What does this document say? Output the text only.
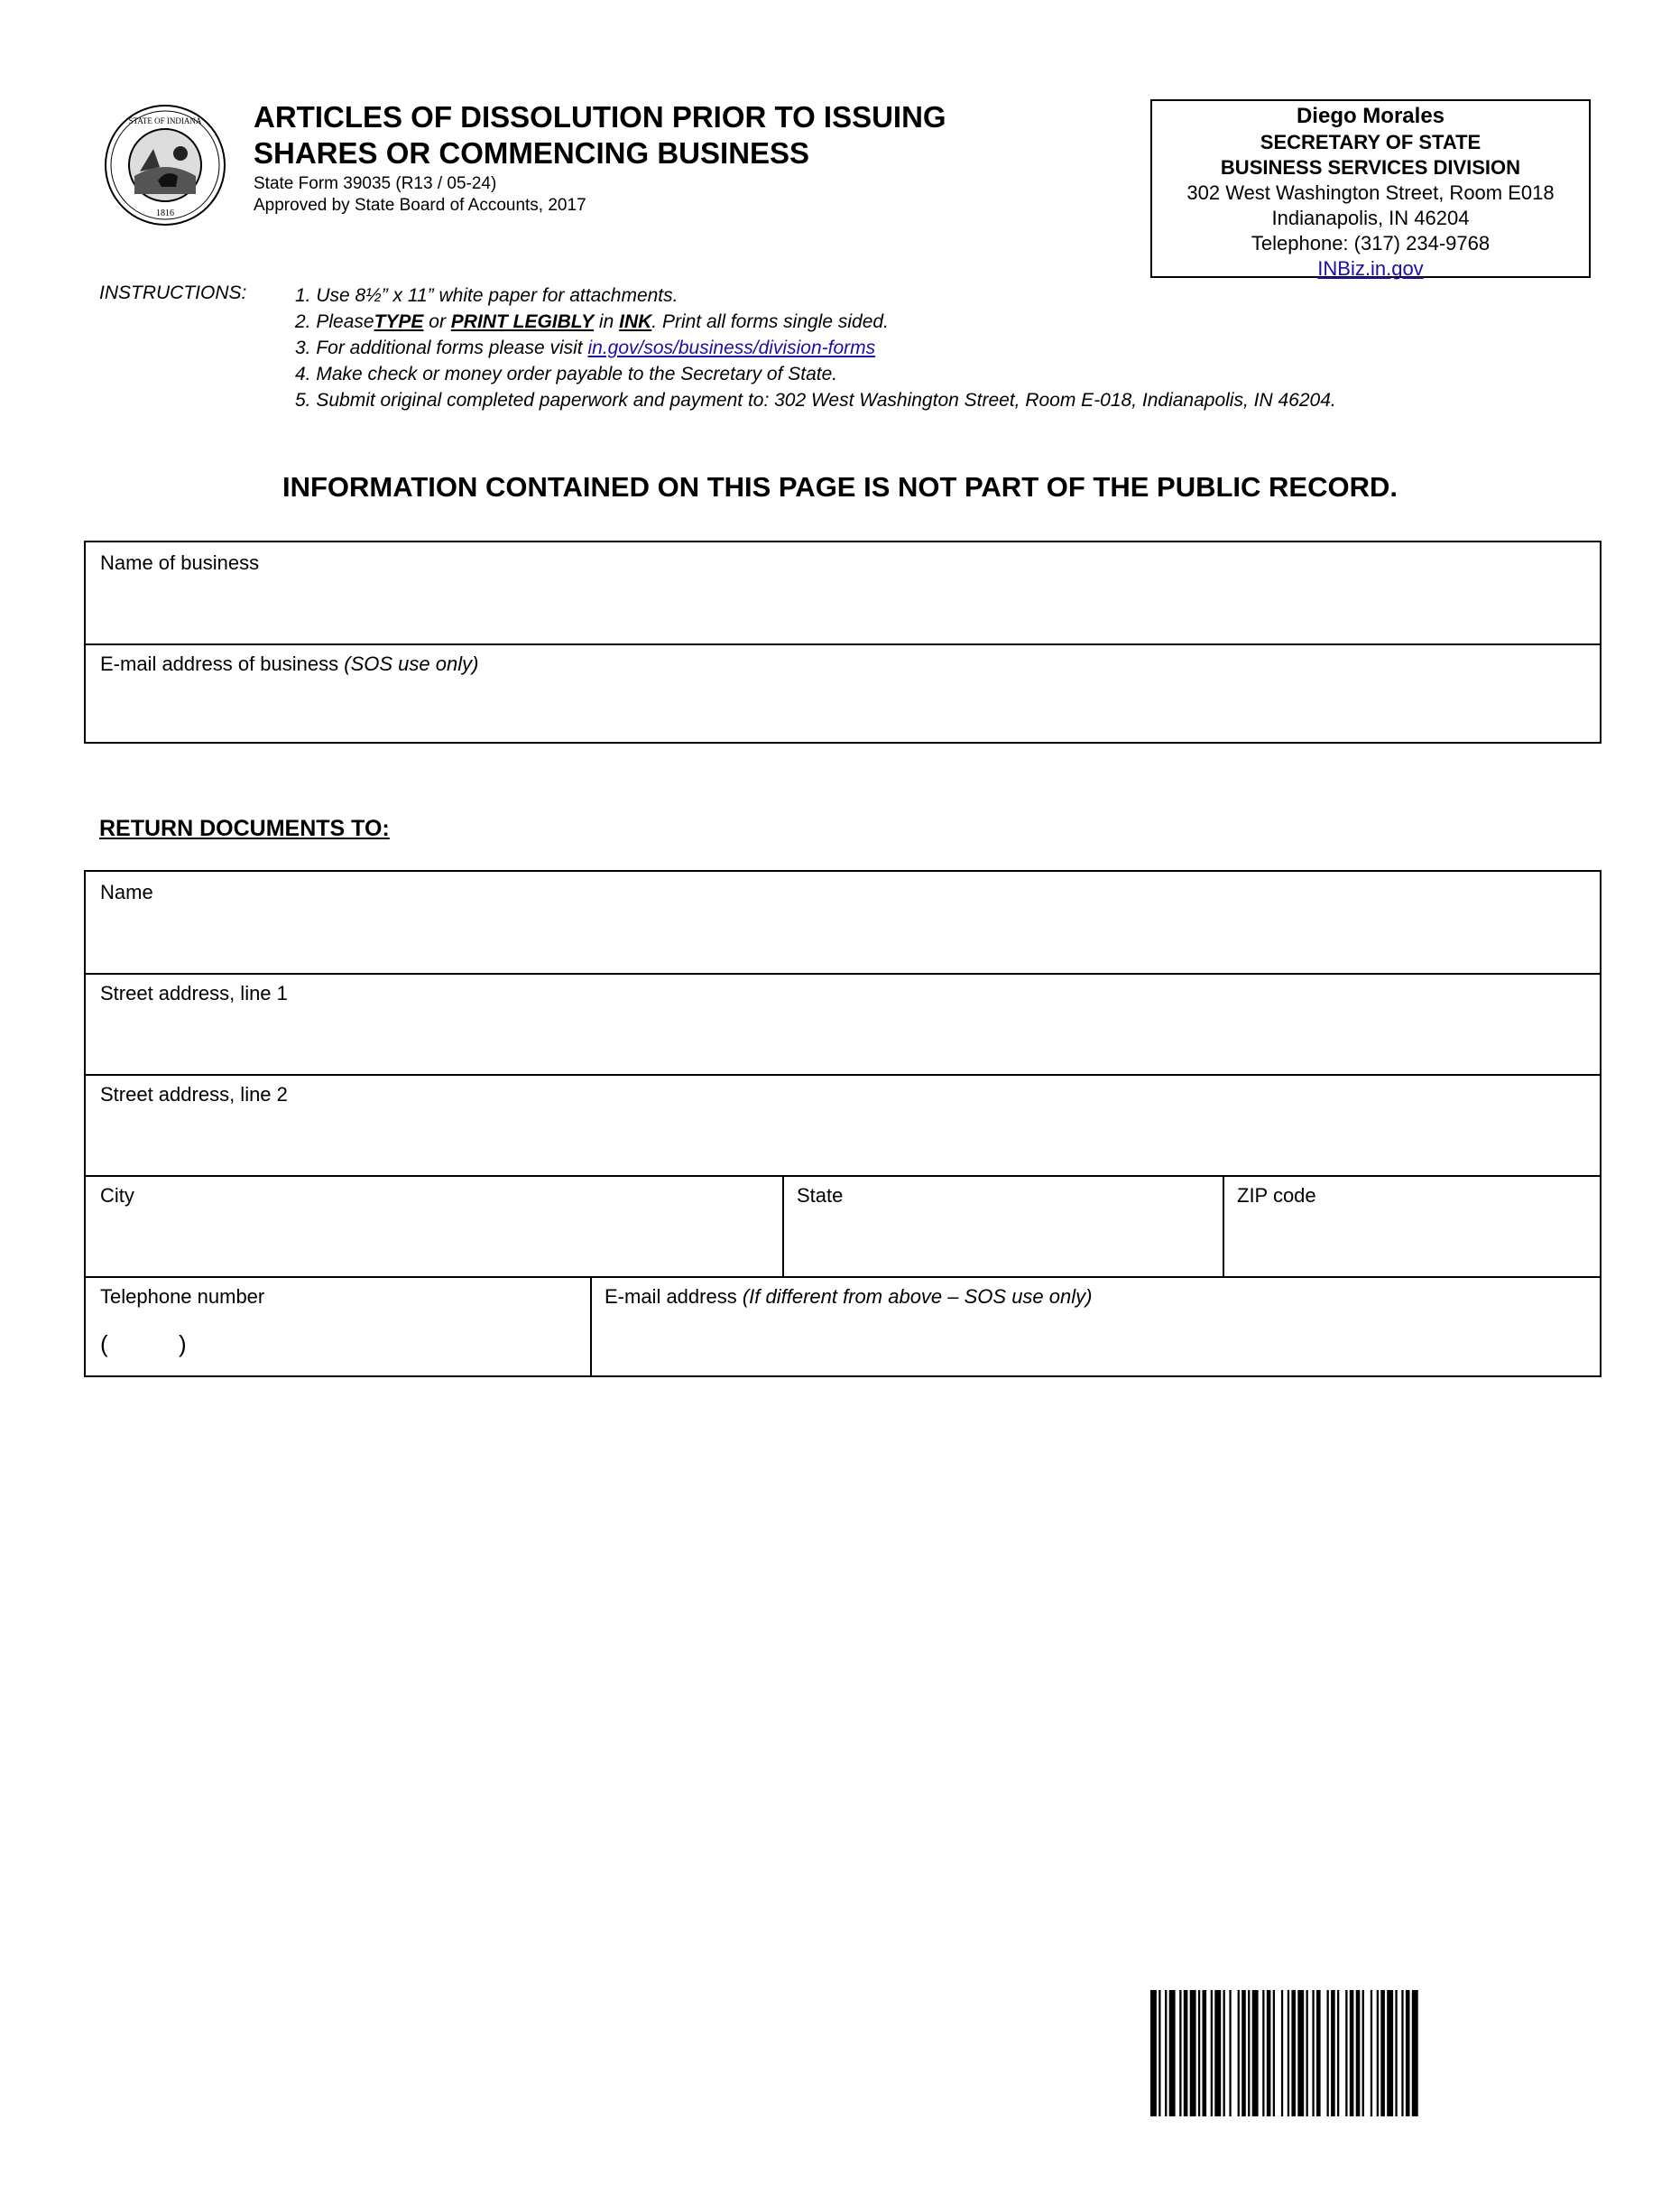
STATE OF INDIANA
1816
ARTICLES OF DISSOLUTION PRIOR TO ISSUING
SHARES OR COMMENCING BUSINESS
State Form 39035 (R13 / 05-24)
Approved by State Board of Accounts, 2017
Diego Morales
SECRETARY OF STATE
BUSINESS SERVICES DIVISION
302 West Washington Street, Room E018
Indianapolis, IN 46204
Telephone: (317) 234-9768
INBiz.in.gov
INSTRUCTIONS:	1. Use 8½” x 11” white paper for attachments.
2. PleaseTYPE or PRINT LEGIBLY in INK. Print all forms single sided.
3. For additional forms please visit in.gov/sos/business/division-forms
4. Make check or money order payable to the Secretary of State.
5. Submit original completed paperwork and payment to: 302 West Washington Street, Room E-018, Indianapolis, IN 46204.
INFORMATION CONTAINED ON THIS PAGE IS NOT PART OF THE PUBLIC RECORD.
Name of business
E-mail address of business (SOS use only)
RETURN DOCUMENTS TO:
Name
Street address, line 1
Street address, line 2
City	State	ZIP code
Telephone number
(	)
E-mail address (If different from above – SOS use only)
